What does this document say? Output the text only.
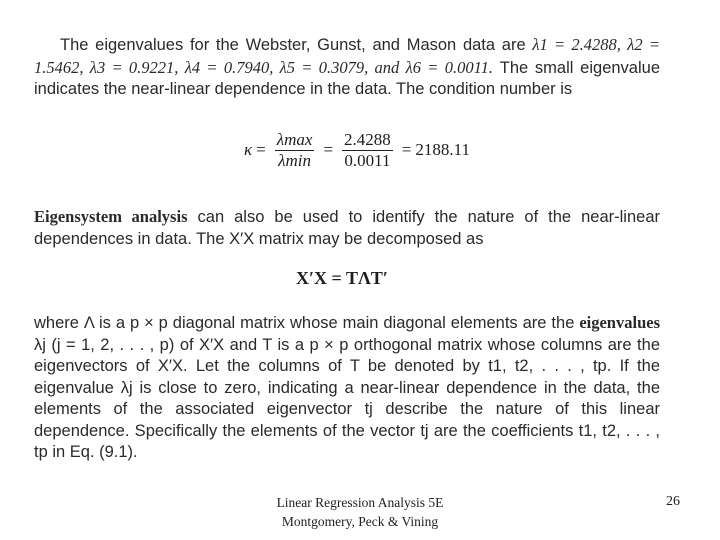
The eigenvalues for the Webster, Gunst, and Mason data are λ1 = 2.4288, λ2 = 1.5462, λ3 = 0.9221, λ4 = 0.7940, λ5 = 0.3079, and λ6 = 0.0011. The small eigenvalue indicates the near-linear dependence in the data. The condition number is

$\kappa = \frac{\lambda\max}{\lambda\min} = \frac{2.4288}{0.0011} = 2188.11$

Eigensystem analysis can also be used to identify the nature of the near-linear dependences in data. The X′X matrix may be decomposed as

X′X = TΛT′

where Λ is a p × p diagonal matrix whose main diagonal elements are the eigenvalues λj (j = 1, 2, . . . , p) of X′X and T is a p × p orthogonal matrix whose columns are the eigenvectors of X′X. Let the columns of T be denoted by t1, t2, . . . , tp. If the eigenvalue λj is close to zero, indicating a near-linear dependence in the data, the elements of the associated eigenvector tj describe the nature of this linear dependence. Specifically the elements of the vector tj are the coefficients t1, t2, . . . , tp in Eq. (9.1).

Linear Regression Analysis 5E
Montgomery, Peck & Vining
26
